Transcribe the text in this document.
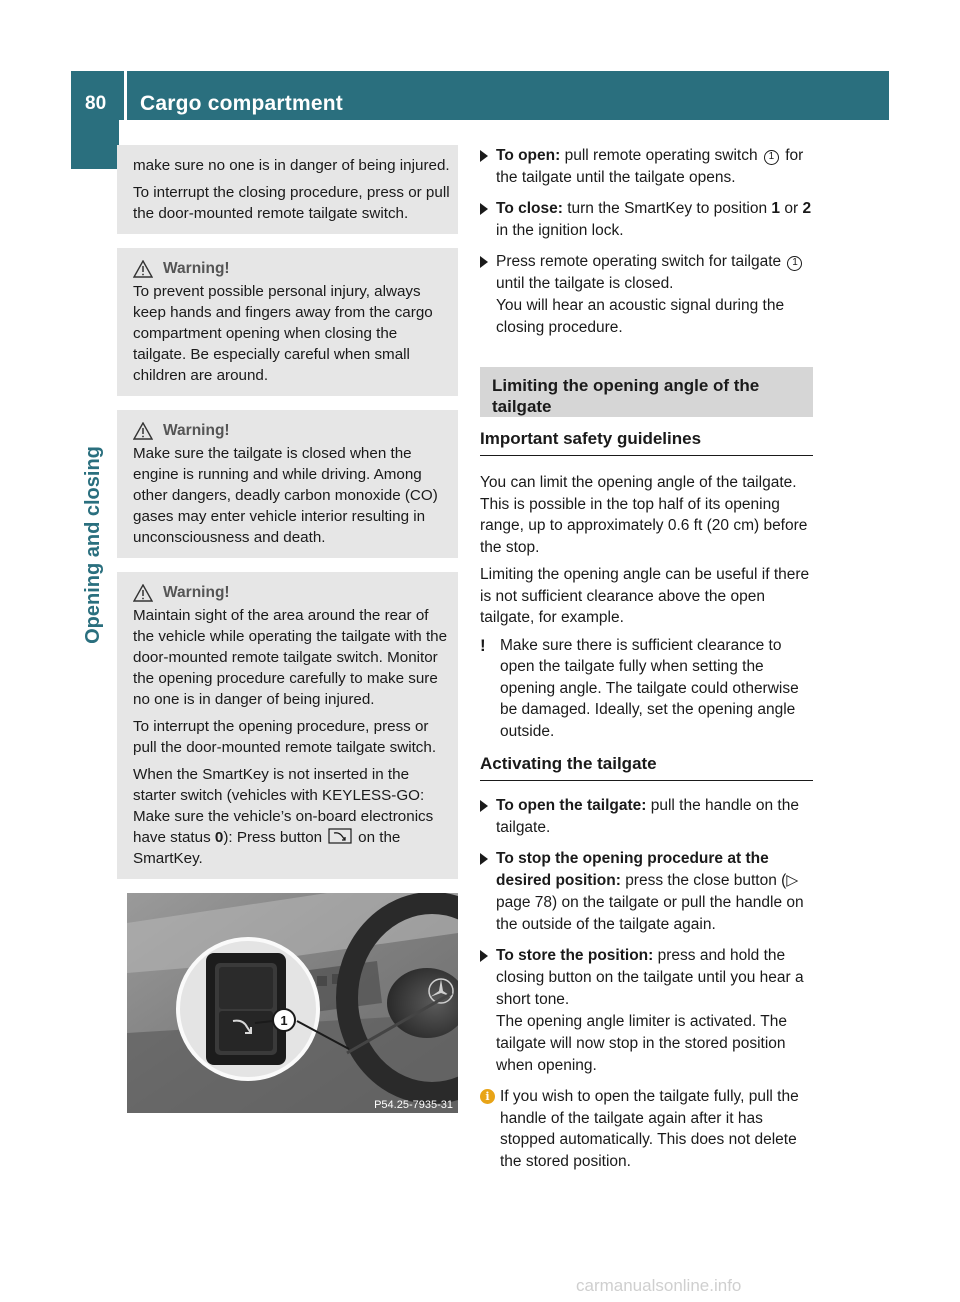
80 Cargo compartment
Opening and closing

make sure no one is in danger of being injured.

To interrupt the closing procedure, press or pull the door-mounted remote tailgate switch.

Warning!

To prevent possible personal injury, always keep hands and fingers away from the cargo compartment opening when closing the tailgate. Be especially careful when small children are around.

Warning!

Make sure the tailgate is closed when the engine is running and while driving. Among other dangers, deadly carbon monoxide (CO) gases may enter vehicle interior resulting in unconsciousness and death.

Warning!

Maintain sight of the area around the rear of the vehicle while operating the tailgate with the door-mounted remote tailgate switch. Monitor the opening procedure carefully to make sure no one is in danger of being injured.

To interrupt the opening procedure, press or pull the door-mounted remote tailgate switch.

When the SmartKey is not inserted in the starter switch (vehicles with KEYLESS-GO: Make sure the vehicle’s on-board electronics have status 0): Press button on the SmartKey.

1
P54.25-7935-31
To open: pull remote operating switch 1 for the tailgate until the tailgate opens.
To close: turn the SmartKey to position 1 or 2 in the ignition lock.
Press remote operating switch for tailgate 1 until the tailgate is closed.
You will hear an acoustic signal during the closing procedure.
Limiting the opening angle of the tailgate
Important safety guidelines

You can limit the opening angle of the tailgate. This is possible in the top half of its opening range, up to approximately 0.6 ft (20 cm) before the stop.

Limiting the opening angle can be useful if there is not sufficient clearance above the open tailgate, for example.

! Make sure there is sufficient clearance to open the tailgate fully when setting the opening angle. The tailgate could otherwise be damaged. Ideally, set the opening angle outside.
Activating the tailgate
To open the tailgate: pull the handle on the tailgate.
To stop the opening procedure at the desired position: press the close button (▷ page 78) on the tailgate or pull the handle on the outside of the tailgate again.
To store the position: press and hold the closing button on the tailgate until you hear a short tone.
The opening angle limiter is activated. The tailgate will now stop in the stored position when opening.
i If you wish to open the tailgate fully, pull the handle of the tailgate again after it has stopped automatically. This does not delete the stored position.
carmanualsonline.info
